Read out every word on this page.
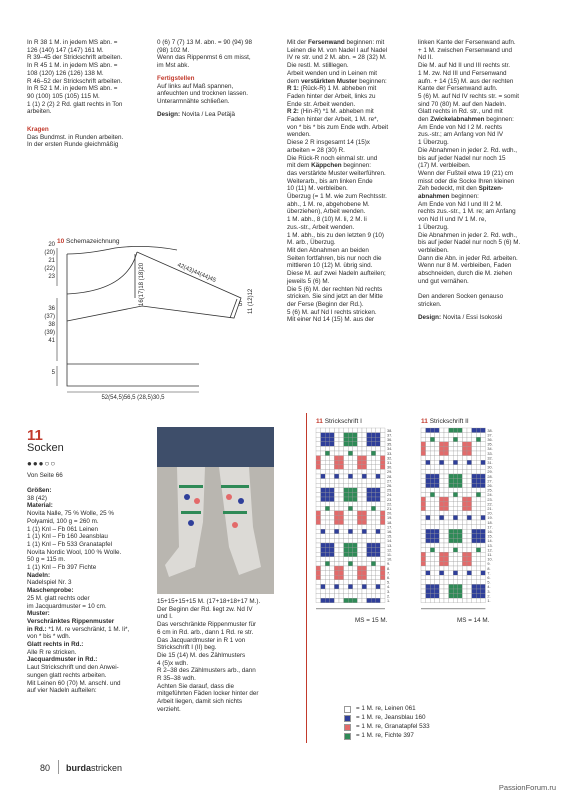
In R 38 1 M. in jedem MS abn. =

126 (140) 147 (147) 161 M.

R 39–45 der Strickschrift arbeiten.

In R 45 1 M. in jedem MS abn. =

108 (120) 126 (126) 138 M.

R 46–52 der Strickschrift arbeiten.

In R 52 1 M. in jedem MS abn. =

90 (100) 105 (105) 115 M.

1 (1) 2 (2) 2 Rd. glatt rechts in Ton

arbeiten.

Kragen

Das Bundmst. in Runden arbeiten.

In der ersten Runde gleichmäßig

0 (6) 7 (7) 13 M. abn. = 90 (94) 98

(98) 102 M.

Wenn das Rippenmst 6 cm misst,

im Mst abk.

Fertigstellen

Auf links auf Maß spannen,

anfeuchten und trocknen lassen.

Unterarmnähte schließen.

Design: Novita / Lea Petäjä

Mit der Fersenwand beginnen: mit

Leinen die M. von Nadel I auf Nadel

IV re str. und 2 M. abn. = 28 (32) M.

Die restl. M. stilllegen.

Arbeit wenden und in Leinen mit

dem verstärkten Muster beginnen:

R 1: (Rück-R) 1 M. abheben mit

Faden hinter der Arbeit, links zu

Ende str. Arbeit wenden.

R 2: (Hin-R) *1 M. abheben mit

Faden hinter der Arbeit, 1 M. re*,

von * bis * bis zum Ende wdh. Arbeit

wenden.

Diese 2 R insgesamt 14 (15)x

arbeiten = 28 (30) R.

Die Rück-R noch einmal str. und

mit dem Käppchen beginnen:

das verstärkte Muster weiterführen.

Weiterarb., bis am linken Ende

10 (11) M. verbleiben.

Überzug (= 1 M. wie zum Rechtsstr.

abh., 1 M. re, abgehobene M.

überziehen), Arbeit wenden.

1 M. abh., 8 (10) M. li, 2 M. li

zus.-str., Arbeit wenden.

1 M. abh., bis zu den letzten 9 (10)

M. arb., Überzug.

Mit den Abnahmen an beiden

Seiten fortfahren, bis nur noch die

mittleren 10 (12) M. übrig sind.

Diese M. auf zwei Nadeln aufteilen;

jeweils 5 (6) M.

Die 5 (6) M. der rechten Nd rechts

stricken. Sie sind jetzt an der Mitte

der Ferse (Beginn der Rd.).

5 (6) M. auf Nd I rechts stricken.

Mit einer Nd 14 (15) M. aus der

linken Kante der Fersenwand aufn.

+ 1 M. zwischen Fersenwand und

Nd II.

Die M. auf Nd II und III rechts str.

1 M. zw. Nd III und Fersenwand

aufn. + 14 (15) M. aus der rechten

Kante der Fersenwand aufn.

5 (6) M. auf Nd IV rechts str. = somit

sind 70 (80) M. auf den Nadeln.

Glatt rechts in Rd. str., und mit

den Zwickelabnahmen beginnen:

Am Ende von Nd I 2 M. rechts

zus.-str.; am Anfang von Nd IV

1 Überzug.

Die Abnahmen in jeder 2. Rd. wdh.,

bis auf jeder Nadel nur noch 15

(17) M. verbleiben.

Wenn der Fußteil etwa 19 (21) cm

misst oder die Socke Ihren kleinen

Zeh bedeckt, mit den Spitzen-

abnahmen beginnen:

Am Ende von Nd I und III 2 M.

rechts zus.-str., 1 M. re; am Anfang

von Nd II und IV 1 M. re,

1 Überzug.

Die Abnahmen in jeder 2. Rd. wdh.,

bis auf jeder Nadel nur noch 5 (6) M.

verbleiben.

Dann die Abn. in jeder Rd. arbeiten.

Wenn nur 8 M. verbleiben, Faden

abschneiden, durch die M. ziehen

und gut vernähen.

Den anderen Socken genauso

stricken.

Design: Novita / Essi Isokoski

10 Schemazeichnung
20
(20)
21
(22)
23
36
(37)
38
(39)
41
5
42(43)44(44)45
16(17)18 (18)20	11 (12)12
5
52(54,5)56,5 (28,5)30,5
11
Socken
●●●○○
Von Seite 66

Größen:

38 (42)

Material:

Novita Nalle, 75 % Wolle, 25 %

Polyamid, 100 g = 260 m.

1 (1) Knl – Fb 061 Leinen

1 (1) Knl – Fb 160 Jeansblau

1 (1) Knl – Fb 533 Granatapfel

Novita Nordic Wool, 100 % Wolle.

50 g = 115 m.

1 (1) Knl – Fb 397 Fichte

Nadeln:

Nadelspiel Nr. 3

Maschenprobe:

25 M. glatt rechts oder

im Jacquardmuster = 10 cm.

Muster:

Verschränktes Rippenmuster

in Rd.: *1 M. re verschränkt, 1 M. li*,

von * bis * wdh.

Glatt rechts in Rd.:

Alle R re stricken.

Jacquardmuster in Rd.:

Laut Strickschrift und den Anwei-

sungen glatt rechts arbeiten.

Mit Leinen 60 (70) M. anschl. und

auf vier Nadeln aufteilen:

15+15+15+15 M. (17+18+18+17 M.).

Der Beginn der Rd. liegt zw. Nd IV

und I.

Das verschränkte Rippenmuster für

6 cm in Rd. arb., dann 1 Rd. re str.

Das Jacquardmuster in R 1 von

Strickschrift I (II) beg.

Die 15 (14) M. des Zählmusters

4 (5)x wdh.

R 2–38 des Zählmusters arb., dann

R 35–38 wdh.

Achten Sie darauf, dass die

mitgeführten Fäden locker hinter der

Arbeit liegen, damit sich nichts

verzieht.

11 Strickschrift I	11 Strickschrift II
38.
37.
36.
35.
34.
33.
32.
31.
30.
29.
28.
27.
26.
25.
24.
23.
22.
21.
20.
19.
18.
17.
16.
15.
14.
13.
12.
11.
10.
9.
8.
7.
6.
5.
4.
3.
2.
1.
38.
37.
36.
35.
34.
33.
32.
31.
30.
29.
28.
27.
26.
25.
24.
23.
22.
21.
20.
19.
18.
17.
16.
15.
14.
13.
12.
11.
10.
9.
8.
7.
6.
5.
4.
3.
2.
1.
MS = 15 M.	MS = 14 M.
= 1 M. re, Leinen 061
= 1 M. re, Jeansblau 160
= 1 M. re, Granatapfel 533
= 1 M. re, Fichte 397
80 burdastricken
PassionForum.ru
